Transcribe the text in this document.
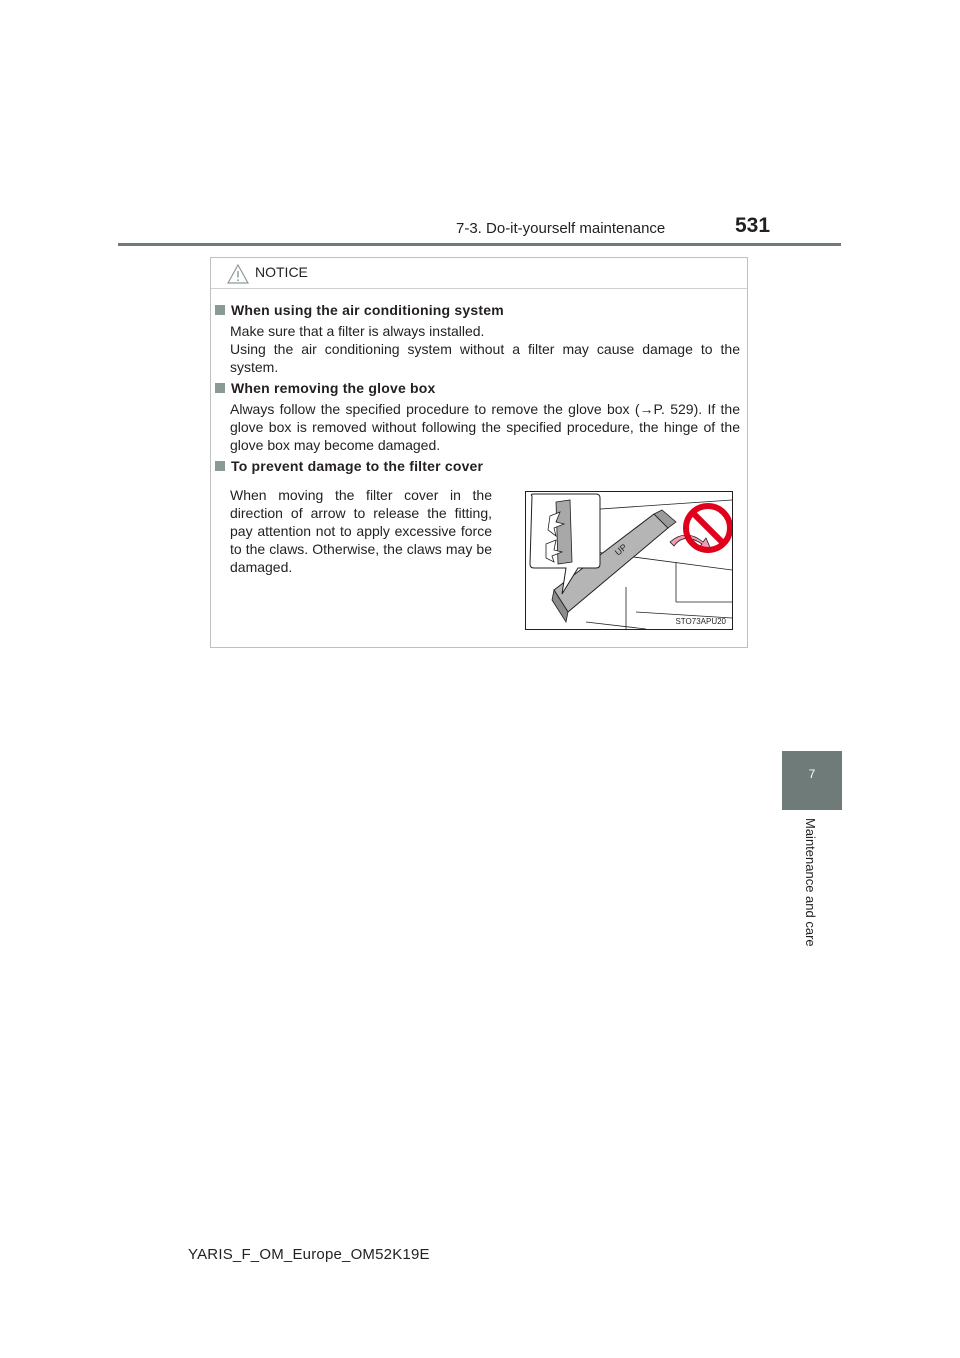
7-3. Do-it-yourself maintenance	531
7
Maintenance and care
NOTICE
When using the air conditioning system
Make sure that a filter is always installed.
Using the air conditioning system without a filter may cause damage to the system.
When removing the glove box
Always follow the specified procedure to remove the glove box (→P. 529). If the glove box is removed without following the specified procedure, the hinge of the glove box may become damaged.
To prevent damage to the filter cover
When moving the filter cover in the direction of arrow to release the fitting, pay attention not to apply excessive force to the claws. Otherwise, the claws may be damaged.
UP
STO73APU20
YARIS_F_OM_Europe_OM52K19E
